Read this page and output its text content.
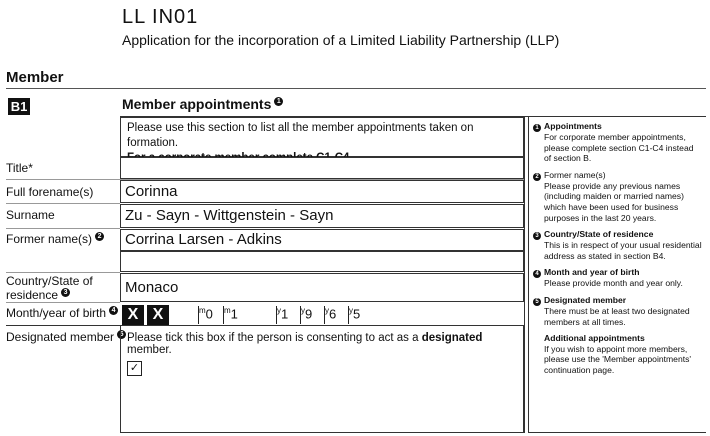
LL IN01
Application for the incorporation of a Limited Liability Partnership (LLP)
Member
B1	Member appointments 1
Please use this section to list all the member appointments taken on formation.
Title*
Full forename(s)	Corinna
Surname	Zu - Sayn - Wittgenstein - Sayn
Former name(s) 2	Corrina Larsen - Adkins
Country/State of
residence 3	Monaco
Month/year of birth 4 X X	$^m$0	$^m$1	$^y$1	$^y$9	$^y$6	$^y$5
Designated member 5 Please tick this box if the person is consenting to act as a designated member.
✓
1 Appointments
For corporate member appointments, please complete section C1-C4 instead of section B.
2 Former name(s)
Please provide any previous names (including maiden or married names) which have been used for business purposes in the last 20 years.
3 Country/State of residence
This is in respect of your usual residential address as stated in section B4.
4 Month and year of birth
Please provide month and year only.
5 Designated member
There must be at least two designated members at all times.
Additional appointments
If you wish to appoint more members, please use the 'Member appointments' continuation page.
